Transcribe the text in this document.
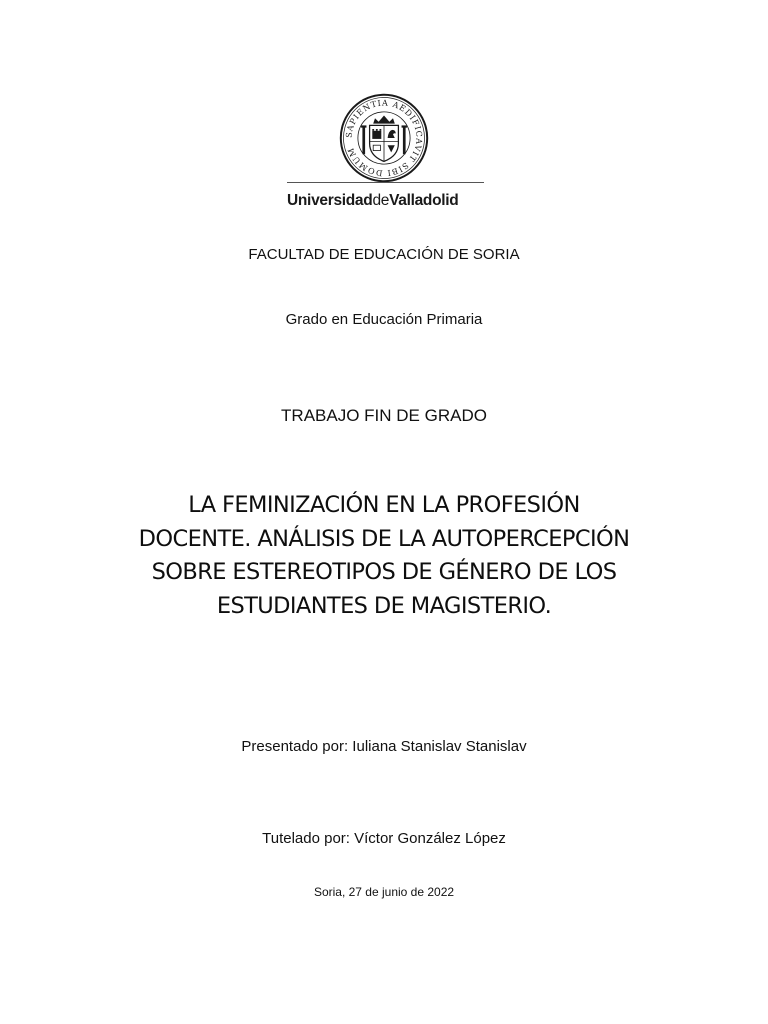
SAPIENTIA AEDIFICAVIT SIBI DOMUM
UniversidaddeValladolid
FACULTAD DE EDUCACIÓN DE SORIA
Grado en Educación Primaria
TRABAJO FIN DE GRADO
LA FEMINIZACIÓN EN LA PROFESIÓN
DOCENTE. ANÁLISIS DE LA AUTOPERCEPCIÓN
SOBRE ESTEREOTIPOS DE GÉNERO DE LOS
ESTUDIANTES DE MAGISTERIO.
Presentado por: Iuliana Stanislav Stanislav
Tutelado por: Víctor González López
Soria, 27 de junio de 2022
